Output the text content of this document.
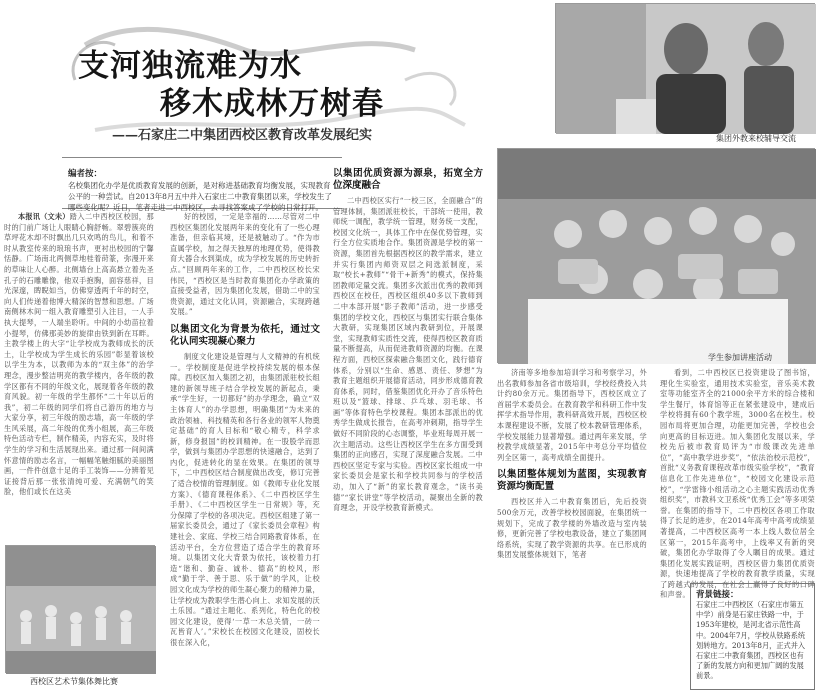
支河独流难为水
移木成林万树春
——石家庄二中集团西校区教育改革发展纪实	集团外教来校辅导交流
编者按：
名校集团化办学是优质教育发展的创新，是对称进基础教育均衡发展，实现教育公平的一种尝试。自2013年8月五中并入石家庄二中教育集团以来，学校发生了哪些变化呢？近日，笔者走进二中西校区，去寻找答案成了学校的日常打开。

本报讯（文未）踏入二中西校区校园，那时的门前广场让人眼睛心胸舒畅。翠碧簇亮的草坪花木却不时飘出几只欢鸣的鸟儿，和着不时从教室传来的琅琅书声，更衬出校园的宁馨恬静。广场南北两侧草地桂着莳篆，弥漫开来的草味让人心醉。北侧墙台上高高悬立着先圣孔子的石雕雕像，他双手抱胸，面容慈祥，目光深邃，睥睨如当，仿佛穿透两千年的时空，向人们传递着他博大精深的智慧和思想。广场南侧林木间一组入教育雕塑引入注目，一人手执大提琴，一人端坐聆听。中间的小幼苗拉着小提琴，仿佛那美妙的旋律由铁到新在耳畔。主教学楼上的大字“让学校成为教师成长的沃土，让学校成为学生成长的乐园”彰显着该校以学生为本，以教师为本的“双主体”的治学理念，漫步整洁明亮的教学楼内，各年级的教学区都有不同的年级文化，展现着各年级的教育风貌。初一年级的学生都怀“二十年以后的我”，初二年级的同学们将自己游历的地方与大家分享，初三年级的励志墙，高一年级的学生风采展，高二年级的优秀小组展，高三年级特色活动专栏，制作精美，内容充实，及时将学生的学习和生活展现出来。通过那一间间满怀意情的励志名言，一幅幅笔触细腻的美丽图画，一件件创意十足的手工装饰——分辨着见证接背后那一张张清纯可爱、充满朝气的笑脸，他们或长在这美

西校区艺术节集体舞比赛

好的校园，一定是幸福的……尽管对二中西校区集团化发展两年来的变化有了一些心理准备，但亲临其境，还是被触动了。“作为市直属学校，加之得天独厚的地理优势，使得教育大器合水到渠成，成为学校发展的历史转折点。”回顾两年来的工作，二中西校区校长宋伟民，“西校区是当时教育集团化办学政策的直接受益者，因为集团化发展，借助二中的宝贵资源，通过文化认同，资源融合，实现跨越发展。”

以集团文化为背景为依托，通过文化认同实现凝心聚力

制度文化建设是管理与人文精神的有机统一。学校制度是促进学校持续发展的根本保障。西校区加入集团之初，由集团派驻校长组建的新领导班子结合学校发展的新起点，秉承“学生好，一切都好”的办学理念，确立“双主体育人”的办学思想，明确集团“为未来的政治领袖、科技精英和各行各业的领军人物奠定基础”的育人目标和“敬心精专，科学求新，修身报国”的校训精神。在一股股学而思学，做到与集团办学思想的快速融合，达到了内化，促进转化的显在效果。在集团的领导下，二中西校区结合制度做出改变，修订完善了适合校情的管理制度。如《教师专业化发展方案》、《德育课程体系》、《二中西校区学生手册》、《二中西校区学生一日常规》等，充分保障了学校的各项决定。西校区组建了第一届家长委员会，通过了《家长委员会章程》构建社会、家庭、学校三结合同路教育体系，在活动平台，全方位营造了适合学生的教育环境。以集团文化大背景为依托，该校着力打造“谐和、勤奋、诚朴、德高”的校风，形成“勤于学、善于思、乐于做”的学风，让校园文化成为学校的师生凝心聚力的精神力量，让学校成为教职学生潜心向上、求知发展的沃土乐园。“通过主题化、系列化，特色化的校园文化建设，使得‘一草一木总关情，一砖一瓦皆育人’。”宋校长在校园文化建设，固校长很在深入化，

以集团优质资源为源泉，拓宽全方位深度融合

二中西校区实行“一校三区，全面融合”的管理体制，集团派驻校长，干部统一使用，教师统一调配，教学统一管理，财务统一支配，校园文化统一，具体工作中在保优势管理，实行全方位实质地合作。集团资源是学校的第一资源，集团首先根据西校区的教学需求，建立并实行集团内师资双层之间选派制度，采取“校长+教师”“骨干+新秀”的模式，保持集团教师定量交流。集团多次派出优秀的教师到西校区在校任，西校区组织40多以下教师到二中本部开展“影子教师”活动，进一步感受集团的学校文化，西校区与集团实行联合集体大教研，实现集团区域内教研到位，开展课堂，实现教师实质性交流，使得西校区教育质量不断提高，从而促进教师资源的均衡。在课程方面，西校区探索融合集团文化，践行德育体系，分别以“生命、感恩、责任、梦想”为教育主题组织开展德育活动，同步形成德育教育体系，同时，借鉴集团优化开办了音乐特色班以及“篮球、排球、乒乓球、羽毛球、书画”等体育特色学校课程。集团本部派出的优秀学生做成长报告，在高考冲刺期，指导学生做好不同阶段的心态调整，毕业班每周开展一次主题活动。这些让西校区学生在多方面受到集团的正向感召，实现了深度融合发展。二中西校区坚定专家与实验。西校区家长组成一中家长委员会是家长和学校共同参与的学校活动，加入了“新”的家长教育观念，“读书美德”“家长讲堂”等学校活动，凝聚出全新的教育理念，开设学校教育新模式。

学生参加讲座活动

济南等多地参加培训学习和考察学习，外出名教师参加各省市级培训，学校经费投入共计约80余万元。集团指导下，西校区成立了首届学术委员会。在教育教学和科研工作中发挥学术指导作用，教科研高效开展，西校区校本课程建设不断，发展了校本教研管理体系，学校发展能力显著增强。通过两年来发展，学校教学成绩显著，2015年中考总分平均值位列全区第一，高考成绩全面提升。

以集团整体规划为蓝图，实现教育资源均衡配置

西校区并入二中教育集团后，先后投资500余万元，改善学校校园面貌，在集团统一规划下，完成了教学楼的外墙改造与室内装修，更新完善了学校电教设备，建立了集团网络系统，实现了教学资源的共享。在已形成的集团发展整体规划下，笔者

看到，二中西校区已投资建设了图书馆，理化生实验室，通用技术实验室，音乐美术教室等功能室齐全的21000余平方米的综合楼和学生餐厅，体育馆等正在紧张建设中，建成后学校将拥有60个教学班，3000名在校生。校园布局将更加合理，功能更加完善，学校也会向更高的目标迈进。加入集团化发展以来，学校先后被市教育局评为“市级课改先进单位”，“高中教学进步奖”，“依法治校示范校”，首批“义务教育课程改革市级实验学校”，“教育信息化工作先进单位”，“校园文化建设示范校”，“学雷锋小组活动之心主题实践活动优秀组织奖”，市教科文卫系统“优秀工会”等多项荣誉。在集团的指导下，二中西校区各项工作取得了长足的进步，在2014年高考中高考成绩显著提高，二中西校区高考一本上线人数位居全区第一，2015年高考中，上线率又有新的突破，集团化办学取得了令人瞩目的成果。通过集团化发展实践证明，西校区借力集团优质资源，快速地提高了学校的教育教学质量，实现了跨越式的发展，在社会上赢得了良好的口碑和声誉。 背景链接：
石家庄二中西校区（石家庄市第五中学）前身是石家庄铁路一中，于1953年建校，是河北省示范性高中。2004年7月，学校从铁路系统划转地方。2013年8月，正式并入石家庄二中教育集团，西校区也有了新的发展方向和更加广阔的发展前景。
